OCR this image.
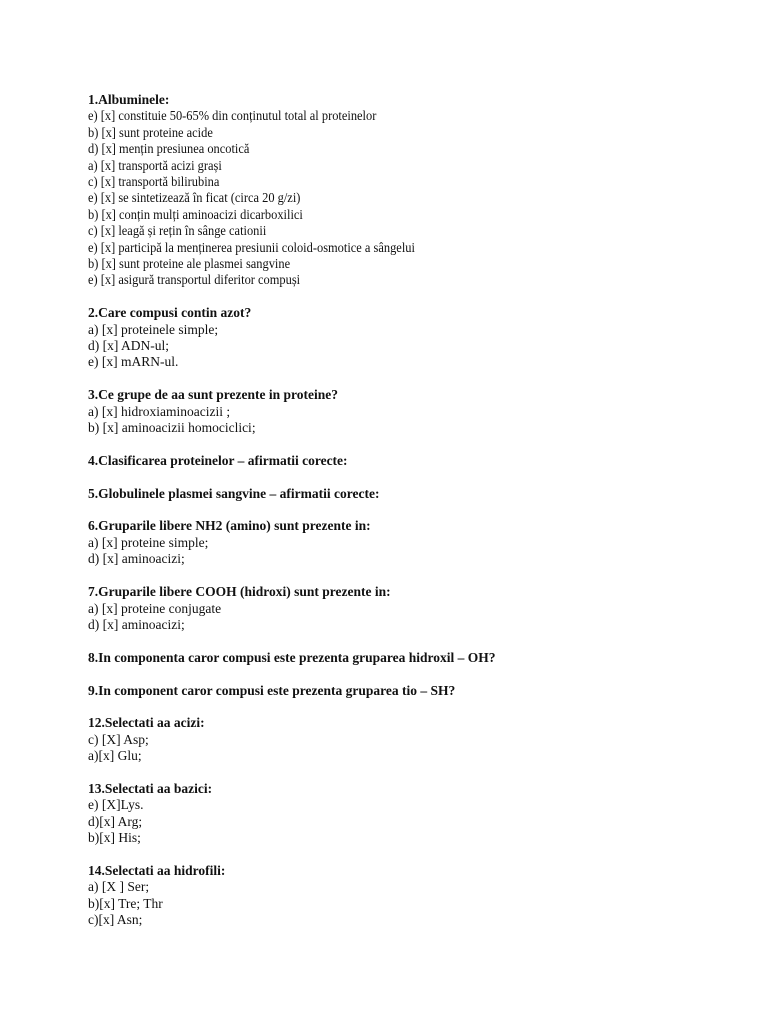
1.Albuminele:
e) [x] constituie 50-65% din conținutul total al proteinelor
b) [x] sunt proteine acide
d) [x] mențin presiunea oncotică
a) [x] transportă acizi grași
c) [x] transportă bilirubina
e) [x] se sintetizează în ficat (circa 20 g/zi)
b) [x] conțin mulți aminoacizi dicarboxilici
c) [x] leagă și rețin în sânge cationii
e) [x] participă la menținerea presiunii coloid-osmotice a sângelui
b) [x] sunt proteine ale plasmei sangvine
e) [x] asigură transportul diferitor compuși
2.Care compusi contin azot?
a) [x] proteinele simple;
d) [x] ADN-ul;
e) [x] mARN-ul.
3.Ce grupe de aa sunt prezente in proteine?
a) [x] hidroxiaminoacizii ;
b) [x] aminoacizii homociclici;
4.Clasificarea proteinelor – afirmatii corecte:
5.Globulinele plasmei sangvine – afirmatii corecte:
6.Gruparile libere NH2 (amino) sunt prezente in:
a) [x] proteine simple;
d) [x] aminoacizi;
7.Gruparile libere COOH (hidroxi) sunt prezente in:
a) [x] proteine conjugate
d) [x] aminoacizi;
8.In componenta caror compusi este prezenta gruparea hidroxil – OH?
9.In component caror compusi este prezenta gruparea tio – SH?
12.Selectati aa acizi:
c) [X] Asp;
a)[x] Glu;
13.Selectati aa bazici:
e) [X]Lys.
d)[x] Arg;
b)[x] His;
14.Selectati aa hidrofili:
a) [X ] Ser;
b)[x] Tre; Thr
c)[x] Asn;
